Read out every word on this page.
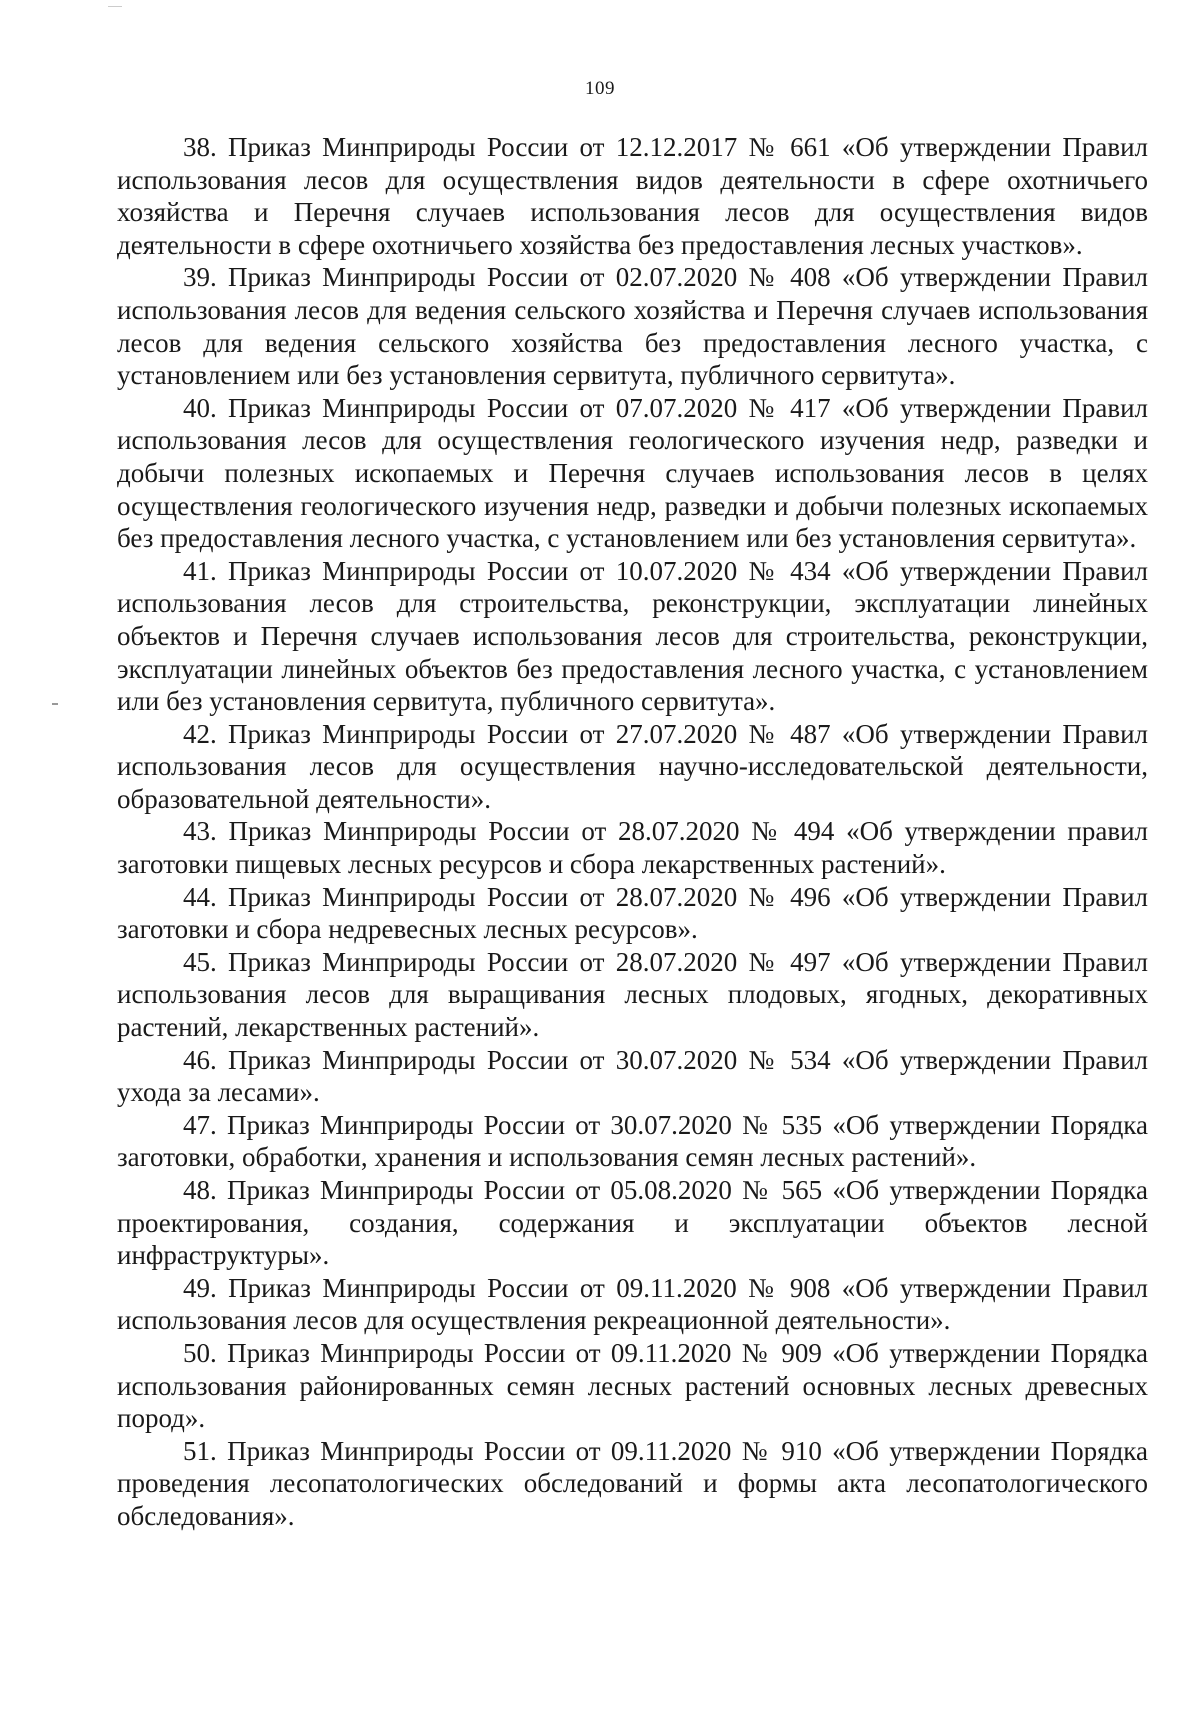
109

38. Приказ Минприроды России от 12.12.2017 № 661 «Об утверждении Правил использования лесов для осуществления видов деятельности в сфере охотничьего хозяйства и Перечня случаев использования лесов для осуществления видов деятельности в сфере охотничьего хозяйства без предоставления лесных участков».

39. Приказ Минприроды России от 02.07.2020 № 408 «Об утверждении Правил использования лесов для ведения сельского хозяйства и Перечня случаев использования лесов для ведения сельского хозяйства без предоставления лесного участка, с установлением или без установления сервитута, публичного сервитута».

40. Приказ Минприроды России от 07.07.2020 № 417 «Об утверждении Правил использования лесов для осуществления геологического изучения недр, разведки и добычи полезных ископаемых и Перечня случаев использования лесов в целях осуществления геологического изучения недр, разведки и добычи полезных ископаемых без предоставления лесного участка, с установлением или без установления сервитута».

41. Приказ Минприроды России от 10.07.2020 № 434 «Об утверждении Правил использования лесов для строительства, реконструкции, эксплуатации линейных объектов и Перечня случаев использования лесов для строительства, реконструкции, эксплуатации линейных объектов без предоставления лесного участка, с установлением или без установления сервитута, публичного сервитута».

42. Приказ Минприроды России от 27.07.2020 № 487 «Об утверждении Правил использования лесов для осуществления научно-исследовательской деятельности, образовательной деятельности».

43. Приказ Минприроды России от 28.07.2020 № 494 «Об утверждении правил заготовки пищевых лесных ресурсов и сбора лекарственных растений».

44. Приказ Минприроды России от 28.07.2020 № 496 «Об утверждении Правил заготовки и сбора недревесных лесных ресурсов».

45. Приказ Минприроды России от 28.07.2020 № 497 «Об утверждении Правил использования лесов для выращивания лесных плодовых, ягодных, декоративных растений, лекарственных растений».

46. Приказ Минприроды России от 30.07.2020 № 534 «Об утверждении Правил ухода за лесами».

47. Приказ Минприроды России от 30.07.2020 № 535 «Об утверждении Порядка заготовки, обработки, хранения и использования семян лесных растений».

48. Приказ Минприроды России от 05.08.2020 № 565 «Об утверждении Порядка проектирования, создания, содержания и эксплуатации объектов лесной инфраструктуры».

49. Приказ Минприроды России от 09.11.2020 № 908 «Об утверждении Правил использования лесов для осуществления рекреационной деятельности».

50. Приказ Минприроды России от 09.11.2020 № 909 «Об утверждении Порядка использования районированных семян лесных растений основных лесных древесных пород».

51. Приказ Минприроды России от 09.11.2020 № 910 «Об утверждении Порядка проведения лесопатологических обследований и формы акта лесопатологического обследования».
